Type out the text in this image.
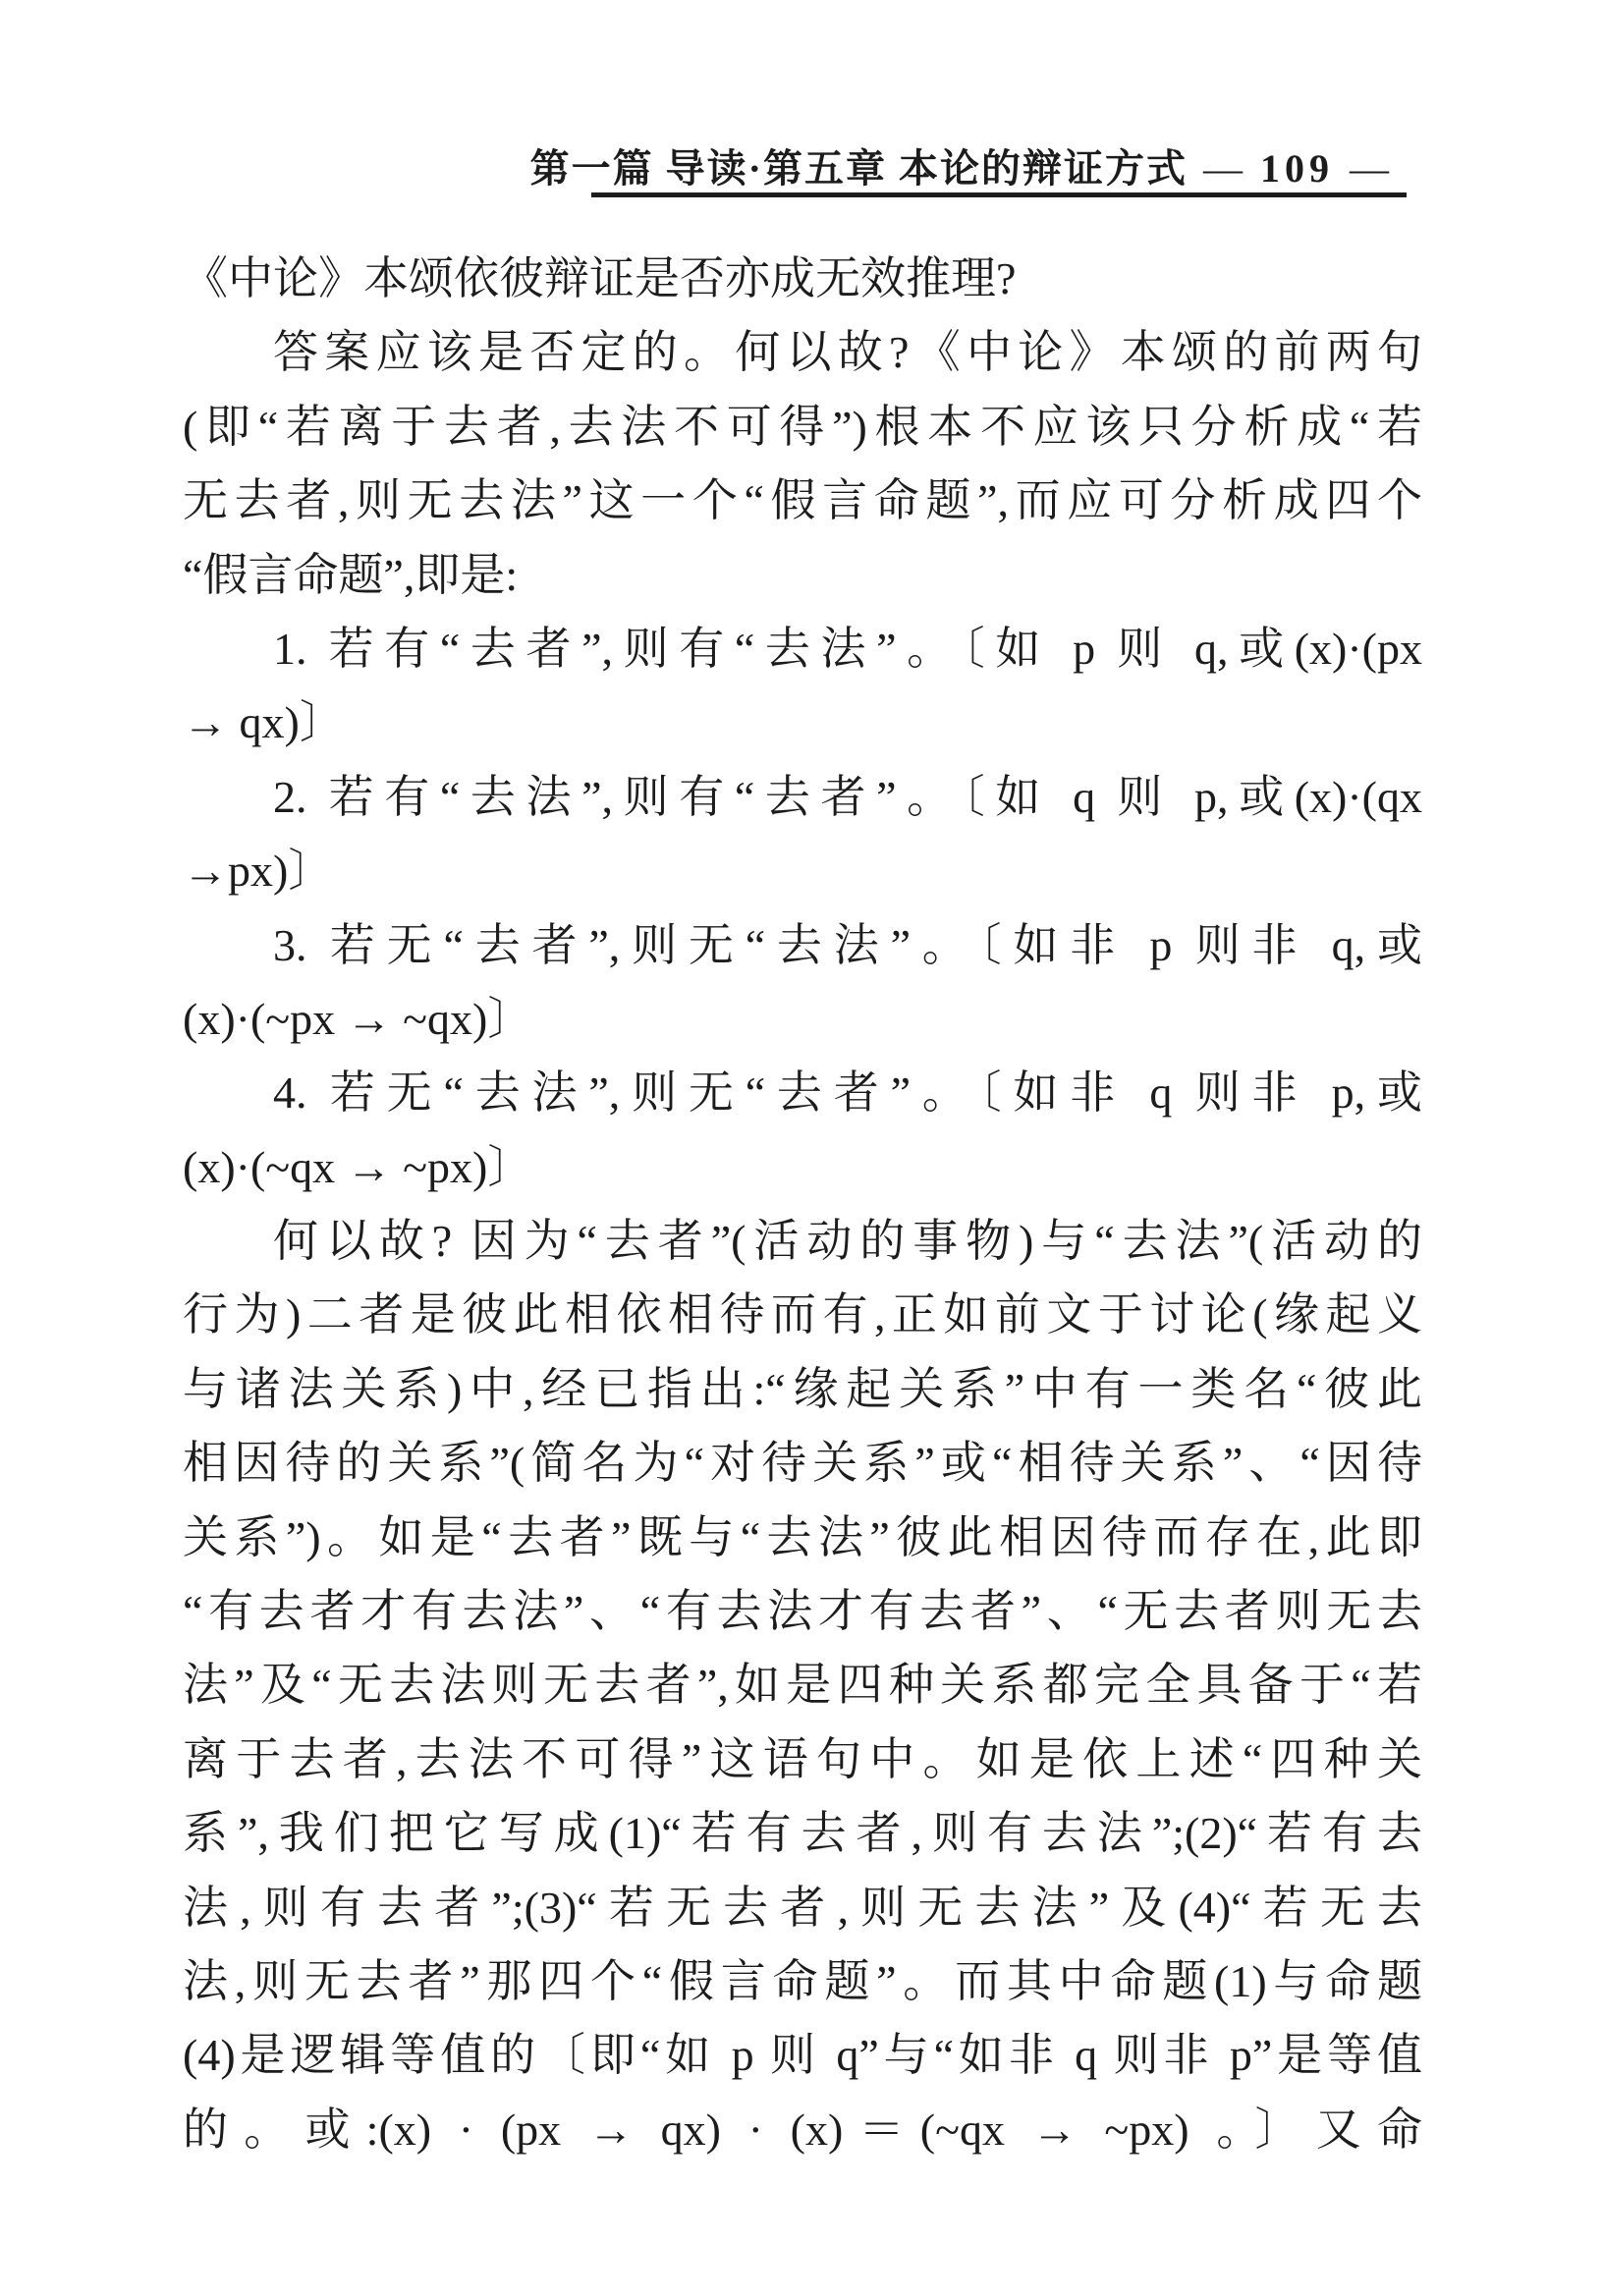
第一篇 导读·第五章 本论的辩证方式 — 109 —
《中论》本颂依彼辩证是否亦成无效推理?
答案应该是否定的。何以故?《中论》本颂的前两句
(即“若离于去者,去法不可得”)根本不应该只分析成“若
无去者,则无去法”这一个“假言命题”,而应可分析成四个
“假言命题”,即是:
1. 若有“去者”,则有“去法”。〔如 p 则 q,或(x)·(px
→ qx)〕
2. 若有“去法”,则有“去者”。〔如 q 则 p,或(x)·(qx
→px)〕
3. 若无“去者”,则无“去法”。〔如非 p 则非 q,或
(x)·(~px → ~qx)〕
4. 若无“去法”,则无“去者”。〔如非 q 则非 p,或
(x)·(~qx → ~px)〕
何以故? 因为“去者”(活动的事物)与“去法”(活动的
行为)二者是彼此相依相待而有,正如前文于讨论(缘起义
与诸法关系)中,经已指出:“缘起关系”中有一类名“彼此
相因待的关系”(简名为“对待关系”或“相待关系”、“因待
关系”)。如是“去者”既与“去法”彼此相因待而存在,此即
“有去者才有去法”、“有去法才有去者”、“无去者则无去
法”及“无去法则无去者”,如是四种关系都完全具备于“若
离于去者,去法不可得”这语句中。如是依上述“四种关
系”,我们把它写成(1)“若有去者,则有去法”;(2)“若有去
法,则有去者”;(3)“若无去者,则无去法”及(4)“若无去
法,则无去者”那四个“假言命题”。而其中命题(1)与命题
(4)是逻辑等值的〔即“如 p 则 q”与“如非 q 则非 p”是等值
的。或:(x) · (px → qx) · (x)＝(~qx → ~px) 。〕又命
